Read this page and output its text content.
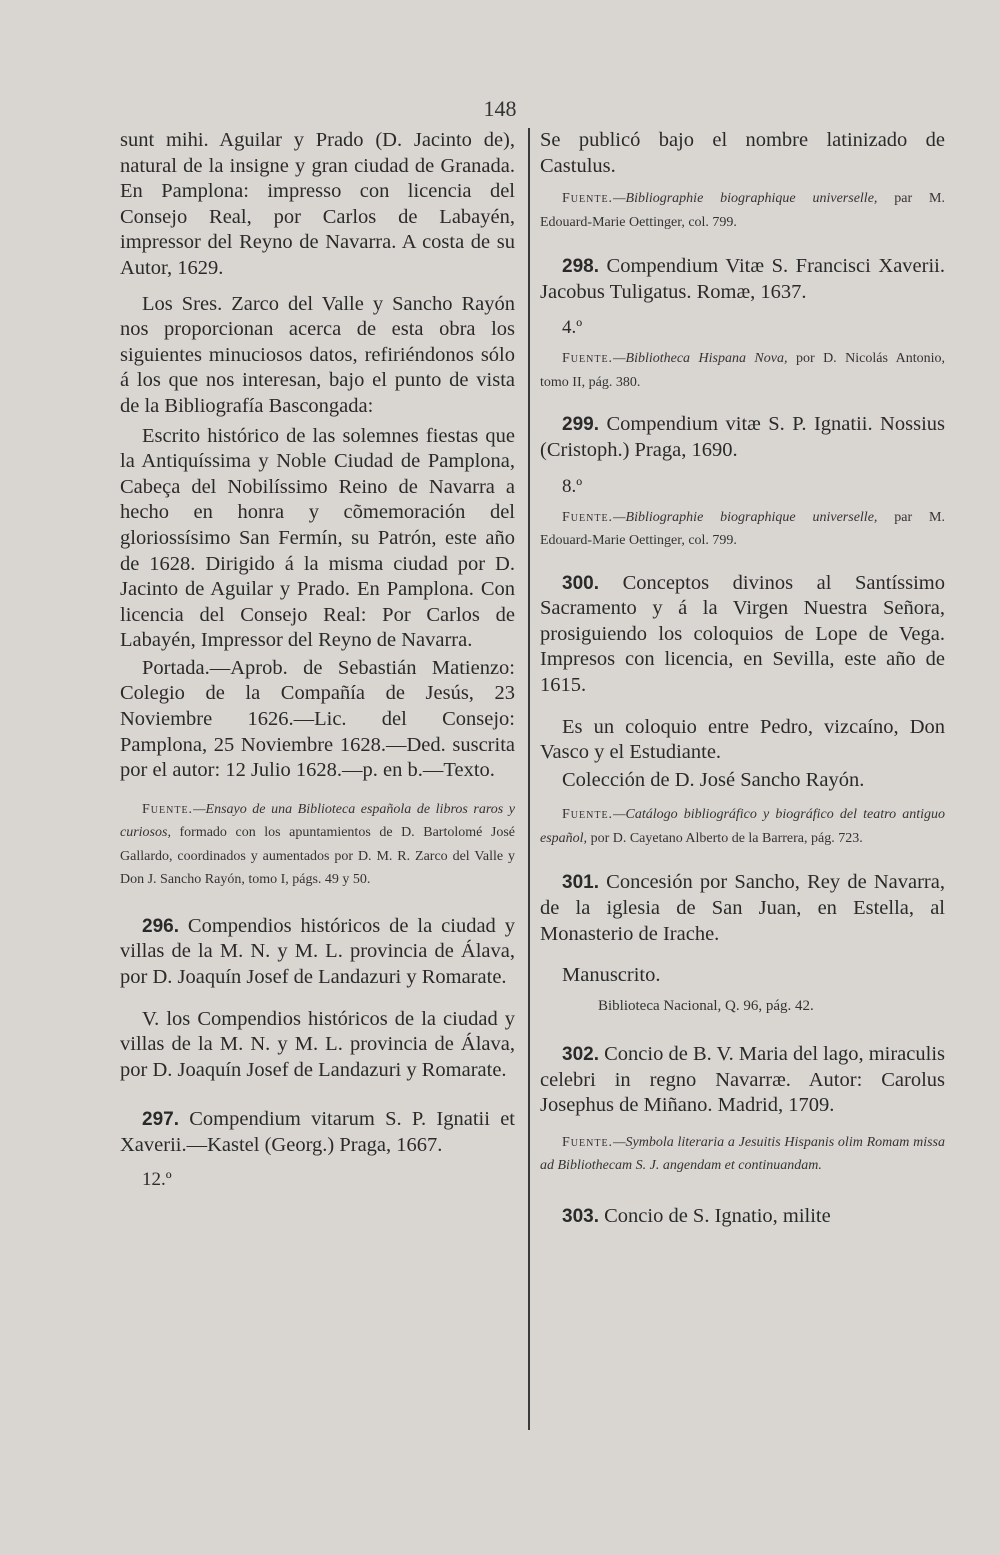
148

sunt mihi. Aguilar y Prado (D. Jacinto de), natural de la insigne y gran ciudad de Granada. En Pamplona: impresso con licencia del Consejo Real, por Carlos de Labayén, impressor del Reyno de Navarra. A costa de su Autor, 1629.

Los Sres. Zarco del Valle y Sancho Rayón nos proporcionan acerca de esta obra los siguientes minuciosos datos, refiriéndonos sólo á los que nos interesan, bajo el punto de vista de la Bibliografía Bascongada:

Escrito histórico de las solemnes fiestas que la Antiquíssima y Noble Ciudad de Pamplona, Cabeça del Nobilíssimo Reino de Navarra a hecho en honra y cõmemoración del gloriossísimo San Fermín, su Patrón, este año de 1628. Dirigido á la misma ciudad por D. Jacinto de Aguilar y Prado. En Pamplona. Con licencia del Consejo Real: Por Carlos de Labayén, Impressor del Reyno de Navarra.

Portada.—Aprob. de Sebastián Matienzo: Colegio de la Compañía de Jesús, 23 Noviembre 1626.—Lic. del Consejo: Pamplona, 25 Noviembre 1628.—Ded. suscrita por el autor: 12 Julio 1628.—p. en b.—Texto.

Fuente.—Ensayo de una Biblioteca española de libros raros y curiosos, formado con los apuntamientos de D. Bartolomé José Gallardo, coordinados y aumentados por D. M. R. Zarco del Valle y Don J. Sancho Rayón, tomo I, págs. 49 y 50.

296. Compendios históricos de la ciudad y villas de la M. N. y M. L. provincia de Álava, por D. Joaquín Josef de Landazuri y Romarate.

V. los Compendios históricos de la ciudad y villas de la M. N. y M. L. provincia de Álava, por D. Joaquín Josef de Landazuri y Romarate.

297. Compendium vitarum S. P. Ignatii et Xaverii.—Kastel (Georg.) Praga, 1667.

12.º

Se publicó bajo el nombre latinizado de Castulus.

Fuente.—Bibliographie biographique universelle, par M. Edouard-Marie Oettinger, col. 799.

298. Compendium Vitæ S. Francisci Xaverii. Jacobus Tuligatus. Romæ, 1637.

4.º

Fuente.—Bibliotheca Hispana Nova, por D. Nicolás Antonio, tomo II, pág. 380.

299. Compendium vitæ S. P. Ignatii. Nossius (Cristoph.) Praga, 1690.

8.º

Fuente.—Bibliographie biographique universelle, par M. Edouard-Marie Oettinger, col. 799.

300. Conceptos divinos al Santíssimo Sacramento y á la Virgen Nuestra Señora, prosiguiendo los coloquios de Lope de Vega. Impresos con licencia, en Sevilla, este año de 1615.

Es un coloquio entre Pedro, vizcaíno, Don Vasco y el Estudiante.

Colección de D. José Sancho Rayón.

Fuente.—Catálogo bibliográfico y biográfico del teatro antiguo español, por D. Cayetano Alberto de la Barrera, pág. 723.

301. Concesión por Sancho, Rey de Navarra, de la iglesia de San Juan, en Estella, al Monasterio de Irache.

Manuscrito.

Biblioteca Nacional, Q. 96, pág. 42.

302. Concio de B. V. Maria del lago, miraculis celebri in regno Navarræ. Autor: Carolus Josephus de Miñano. Madrid, 1709.

Fuente.—Symbola literaria a Jesuitis Hispanis olim Romam missa ad Bibliothecam S. J. angendam et continuandam.

303. Concio de S. Ignatio, milite
